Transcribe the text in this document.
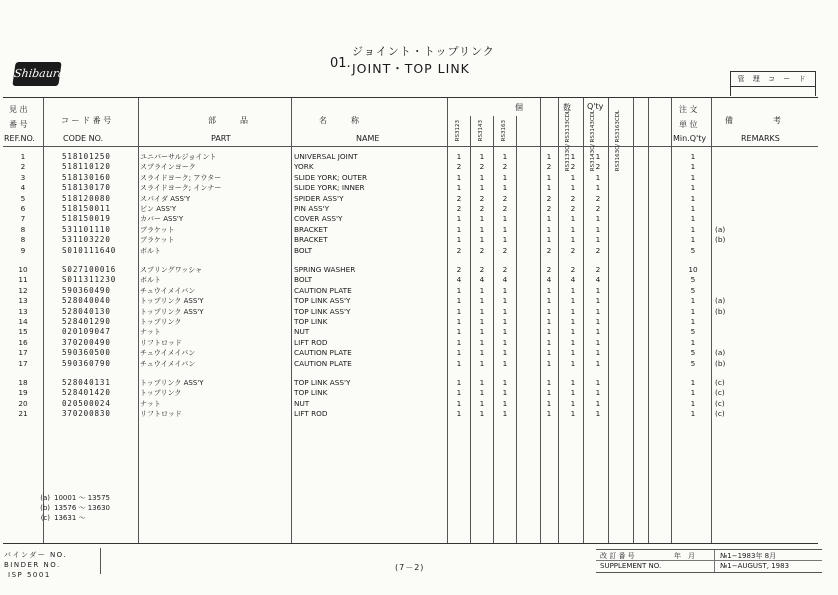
Shibaura
01.
ジョイント・トップリンク
JOINT・TOP LINK
管 理 コ ー ド
見 出
番 号
REF.NO.
コ ー ド 番 号
CODE NO.
部　　　品
PART
名　　　称
NAME
個	数 Q'ty
RS3123	RS3143	RS3163	RS3133C/ RS3133CDL	RS3143C/ RS3143CDL	RS3163C/ RS3163CDL
注 文
単 位
Min.Q'ty
備　　　　　考
REMARKS
1	518101250	ユニバーサルジョイント	UNIVERSAL JOINT	1	1	1	1	1	1	1
2	518110120	スプラインヨーク	YORK	2	2	2	2	2	2	1
3	518130160	スライドヨーク; アウター	SLIDE YORK; OUTER	1	1	1	1	1	1	1
4	518130170	スライドヨーク; インナー	SLIDE YORK; INNER	1	1	1	1	1	1	1
5	518120080	スパイダ ASS'Y	SPIDER ASS'Y	2	2	2	2	2	2	1
6	518150011	ピン ASS'Y	PIN ASS'Y	2	2	2	2	2	2	1
7	518150019	カバー ASS'Y	COVER ASS'Y	1	1	1	1	1	1	1
8	531101110	ブラケット	BRACKET	1	1	1	1	1	1	1	(a)
8	531103220	ブラケット	BRACKET	1	1	1	1	1	1	1	(b)
9	S010111640	ボルト	BOLT	2	2	2	2	2	2	5
10	S027100016	スプリングワッシャ	SPRING WASHER	2	2	2	2	2	2	10
11	S011311230	ボルト	BOLT	4	4	4	4	4	4	5
12	590360490	チュウイメイバン	CAUTION PLATE	1	1	1	1	1	1	5
13	528040040	トップリンク ASS'Y	TOP LINK ASS'Y	1	1	1	1	1	1	1	(a)
13	528040130	トップリンク ASS'Y	TOP LINK ASS'Y	1	1	1	1	1	1	1	(b)
14	528401290	トップリンク	TOP LINK	1	1	1	1	1	1	1
15	020109047	ナット	NUT	1	1	1	1	1	1	5
16	370200490	リフトロッド	LIFT ROD	1	1	1	1	1	1	1
17	590360500	チュウイメイバン	CAUTION PLATE	1	1	1	1	1	1	5	(a)
17	590360790	チュウイメイバン	CAUTION PLATE	1	1	1	1	1	1	5	(b)
18	528040131	トップリンク ASS'Y	TOP LINK ASS'Y	1	1	1	1	1	1	1	(c)
19	528401420	トップリンク	TOP LINK	1	1	1	1	1	1	1	(c)
20	020500024	ナット	NUT	1	1	1	1	1	1	1	(c)
21	370200830	リフトロッド	LIFT ROD	1	1	1	1	1	1	1	(c)
(a) 10001 ～ 13575
(b) 13576 ～ 13630
(c) 13631 ～
バインダー NO.
BINDER NO.
ISP 5001
(7－2)
改 訂 番 号
SUPPLEMENT NO.
年　月	№1−1983年 8月
№1−AUGUST, 1983
